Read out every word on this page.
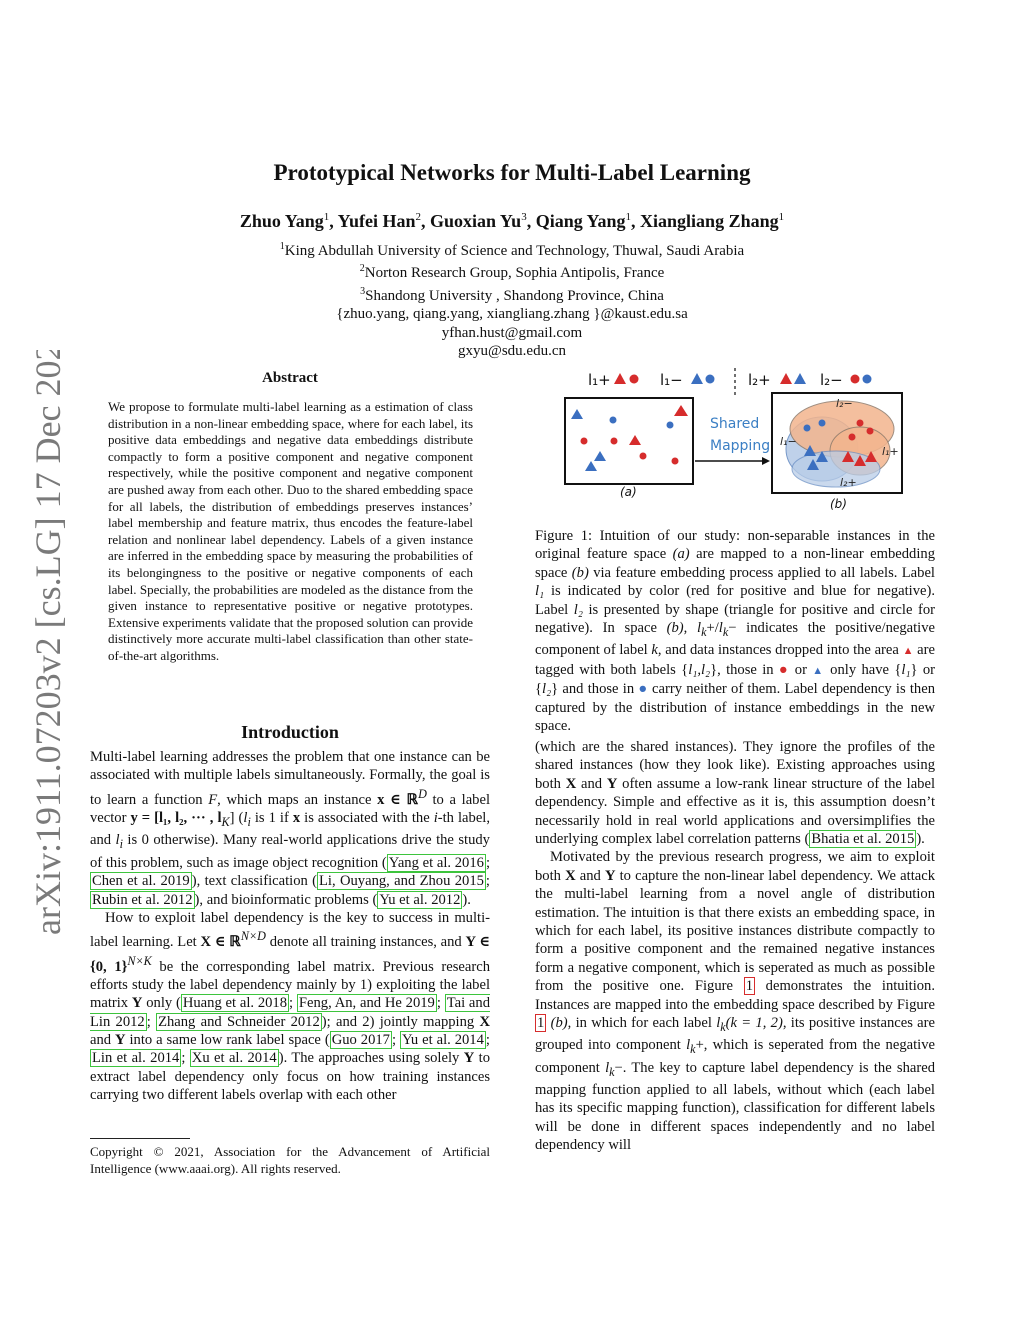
arXiv:1911.07203v2 [cs.LG] 17 Dec 2020
Prototypical Networks for Multi-Label Learning
Zhuo Yang$^1$, Yufei Han$^2$, Guoxian Yu$^3$, Qiang Yang$^1$, Xiangliang Zhang$^1$
$^1$King Abdullah University of Science and Technology, Thuwal, Saudi Arabia
$^2$Norton Research Group, Sophia Antipolis, France
$^3$Shandong University , Shandong Province, China
{zhuo.yang, qiang.yang, xiangliang.zhang }@kaust.edu.sa
yfhan.hust@gmail.com
gxyu@sdu.edu.cn
Abstract
We propose to formulate multi-label learning as a estimation of class distribution in a non-linear embedding space, where for each label, its positive data embeddings and negative data embeddings distribute compactly to form a positive component and negative component respectively, while the positive component and negative component are pushed away from each other. Duo to the shared embedding space for all labels, the distribution of embeddings preserves instances’ label membership and feature matrix, thus encodes the feature-label relation and nonlinear label dependency. Labels of a given instance are inferred in the embedding space by measuring the probabilities of its belongingness to the positive or negative components of each label. Specially, the probabilities are modeled as the distance from the given instance to representative positive or negative prototypes. Extensive experiments validate that the proposed solution can provide distinctively more accurate multi-label classification than other state-of-the-art algorithms.
Introduction

Multi-label learning addresses the problem that one instance can be associated with multiple labels simultaneously. Formally, the goal is to learn a function F, which maps an instance x ∈ ℝ$^D$ to a label vector y = [l₁, l₂, ··· , $l_K$] ($l_i$ is 1 if x is associated with the i-th label, and $l_i$ is 0 otherwise). Many real-world applications drive the study of this problem, such as image object recognition ( Yang et al. 2016 ; Chen et al. 2019 ), text classification ( Li, Ouyang, and Zhou 2015 ; Rubin et al. 2012 ), and bioinformatic problems ( Yu et al. 2012 ).

How to exploit label dependency is the key to success in multi-label learning. Let X ∈ ℝ$^{N\times D}$ denote all training instances, and Y ∈ {0, 1}$^{N\times K}$ be the corresponding label matrix. Previous research efforts study the label dependency mainly by 1) exploiting the label matrix Y only ( Huang et al. 2018 ; Feng, An, and He 2019 ; Tai and Lin 2012 ; Zhang and Schneider 2012 ); and 2) jointly mapping X and Y into a same low rank label space ( Guo 2017 ; Yu et al. 2014 ; Lin et al. 2014 ; Xu et al. 2014 ). The approaches using solely Y to extract label dependency only focus on how training instances carrying two different labels overlap with each other

Copyright © 2021, Association for the Advancement of Artificial Intelligence (www.aaai.org). All rights reserved.
l₁+	l₁−	l₂+	l₂−
(a)
Shared
Mapping
l₂−
l₁−
l₁+
l₂+
(b)

Figure 1: Intuition of our study: non-separable instances in the original feature space (a) are mapped to a non-linear embedding space (b) via feature embedding process applied to all labels. Label l₁ is indicated by color (red for positive and blue for negative). Label l₂ is presented by shape (triangle for positive and circle for negative). In space (b), $l_k+/l_k-$ indicates the positive/negative component of label k, and data instances dropped into the area ▲ are tagged with both labels {l₁,l₂}, those in ● or ▲ only have {l₁} or {l₂} and those in ● carry neither of them. Label dependency is then captured by the distribution of instance embeddings in the new space.

(which are the shared instances). They ignore the profiles of the shared instances (how they look like). Existing approaches using both X and Y often assume a low-rank linear structure of the label dependency. Simple and effective as it is, this assumption doesn’t necessarily hold in real world applications and oversimplifies the underlying complex label correlation patterns ( Bhatia et al. 2015 ).

Motivated by the previous research progress, we aim to exploit both X and Y to capture the non-linear label dependency. We attack the multi-label learning from a novel angle of distribution estimation. The intuition is that there exists an embedding space, in which for each label, its positive instances distribute compactly to form a positive component and the remained negative instances form a negative component, which is seperated as much as possible from the positive one. Figure 1 demonstrates the intuition. Instances are mapped into the embedding space described by Figure 1 (b), in which for each label $l_k(k = 1$, 2), its positive instances are grouped into component $l_k+$, which is seperated from the negative component $l_k-$. The key to capture label dependency is the shared mapping function applied to all labels, without which (each label has its specific mapping function), classification for different labels will be done in different spaces independently and no label dependency will
